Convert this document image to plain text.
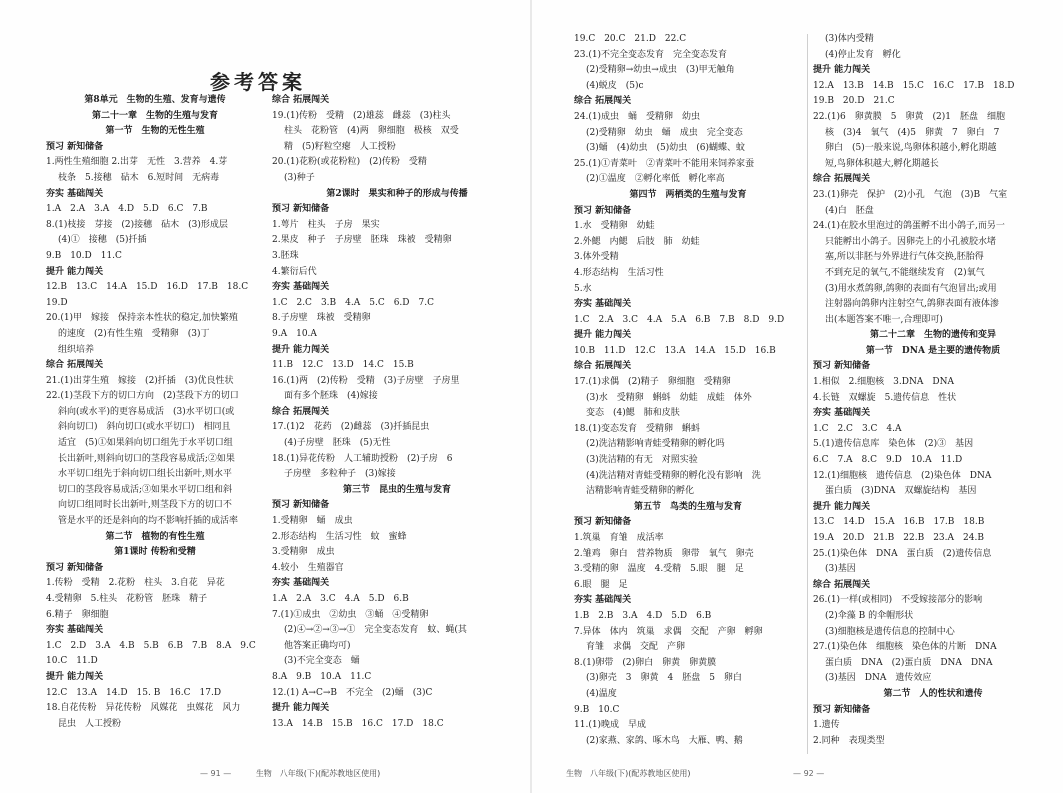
参考答案
第8单元　生物的生殖、发育与遗传
第二十一章　生物的生殖与发育
第一节　生物的无性生殖
预习 新知储备
1.两性生殖细胞 2.出芽　无性　3.营养　4.芽
枝条　5.接穗　砧木　6.短时间　无病毒
夯实 基础闯关
1.A　2.A　3.A　4.D　5.D　6.C　7.B
8.(1)枝接　芽接　(2)接穗　砧木　(3)形成层
(4)①　接穗　(5)扦插
9.B　10.D　11.C
提升 能力闯关
12.B　13.C　14.A　15.D　16.D　17.B　18.C
19.D
20.(1)甲　嫁接　保持亲本性状的稳定,加快繁殖
的速度　(2)有性生殖　受精卵　(3)丁
组织培养
综合 拓展闯关
21.(1)出芽生殖　嫁接　(2)扦插　(3)优良性状
22.(1)茎段下方的切口方向　(2)茎段下方的切口
斜向(或水平)的更容易成活　(3)水平切口(或
斜向切口)　斜向切口(或水平切口)　相同且
适宜　(5)①如果斜向切口组先于水平切口组
长出新叶,则斜向切口的茎段容易成活;②如果
水平切口组先于斜向切口组长出新叶,则水平
切口的茎段容易成活;③如果水平切口组和斜
向切口组同时长出新叶,则茎段下方的切口不
管是水平的还是斜向的均不影响扦插的成活率
第二节　植物的有性生殖
第1课时 传粉和受精
预习 新知储备
1.传粉　受精　2.花粉　柱头　3.自花　异花
4.受精卵　5.柱头　花粉管　胚珠　精子
6.精子　卵细胞
夯实 基础闯关
1.C　2.D　3.A　4.B　5.B　6.B　7.B　8.A　9.C
10.C　11.D
提升 能力闯关
12.C　13.A　14.D　15. B　16.C　17.D
18.自花传粉　异花传粉　风媒花　虫媒花　风力
昆虫　人工授粉
综合 拓展闯关
19.(1)传粉　受精　(2)雄蕊　雌蕊　(3)柱头
柱头　花粉管　(4)两　卵细胞　极核　双受
精　(5)籽粒空瘪　人工授粉
20.(1)花粉(或花粉粒)　(2)传粉　受精
(3)种子
第2课时　果实和种子的形成与传播
预习 新知储备
1.萼片　柱头　子房　果实
2.果皮　种子　子房壁　胚珠　珠被　受精卵
3.胚珠
4.繁衍后代
夯实 基础闯关
1.C　2.C　3.B　4.A　5.C　6.D　7.C
8.子房壁　珠被　受精卵
9.A　10.A
提升 能力闯关
11.B　12.C　13.D　14.C　15.B
16.(1)两　(2)传粉　受精　(3)子房壁　子房里
面有多个胚珠　(4)嫁接
综合 拓展闯关
17.(1)2　花药　(2)雌蕊　(3)扦插昆虫
(4)子房壁　胚珠　(5)无性
18.(1)异花传粉　人工辅助授粉　(2)子房　6
子房壁　多粒种子　(3)嫁接
第三节　昆虫的生殖与发育
预习 新知储备
1.受精卵　蛹　成虫
2.形态结构　生活习性　蚊　蜜蜂
3.受精卵　成虫
4.较小　生殖器官
夯实 基础闯关
1.A　2.A　3.C　4.A　5.D　6.B
7.(1)①成虫　②幼虫　③蛹　④受精卵
(2)④→②→③→①　完全变态发育　蚊、蝇(其
他答案正确均可)
(3)不完全变态　蛹
8.A　9.B　10.A　11.C
12.(1) A→C→B　不完全　(2)蛹　(3)C
提升 能力闯关
13.A　14.B　15.B　16.C　17.D　18.C
— 91 —	生物　八年级(下)(配苏教地区使用)
19.C　20.C　21.D　22.C
23.(1)不完全变态发育　完全变态发育
(2)受精卵→幼虫→成虫　(3)甲无触角
(4)蜕皮　(5)c
综合 拓展闯关
24.(1)成虫　蛹　受精卵　幼虫
(2)受精卵　幼虫　蛹　成虫　完全变态
(3)蛹　(4)幼虫　(5)幼虫　(6)蝴蝶、蚊
25.(1)①青菜叶　②青菜叶不能用来饲养家蚕
(2)①温度　②孵化率低　孵化率高
第四节　两栖类的生殖与发育
预习 新知储备
1.水　受精卵　幼蛙
2.外鳃　内鳃　后肢　肺　幼蛙
3.体外受精
4.形态结构　生活习性
5.水
夯实 基础闯关
1.C　2.A　3.C　4.A　5.A　6.B　7.B　8.D　9.D
提升 能力闯关
10.B　11.D　12.C　13.A　14.A　15.D　16.B
综合 拓展闯关
17.(1)求偶　(2)精子　卵细胞　受精卵
(3)水　受精卵　蝌蚪　幼蛙　成蛙　体外
变态　(4)鳃　肺和皮肤
18.(1)变态发育　受精卵　蝌蚪
(2)洗洁精影响青蛙受精卵的孵化吗
(3)洗洁精的有无　对照实验
(4)洗洁精对青蛙受精卵的孵化没有影响　洗
洁精影响青蛙受精卵的孵化
第五节　鸟类的生殖与发育
预习 新知储备
1.筑巢　育雏　成活率
2.雏鸡　卵白　营养物质　卵带　氧气　卵壳
3.受精的卵　温度　4.受精　5.眼　腿　足
6.眼　腿　足
夯实 基础闯关
1.B　2.B　3.A　4.D　5.D　6.B
7.异体　体内　筑巢　求偶　交配　产卵　孵卵
育雏　求偶　交配　产卵
8.(1)卵带　(2)卵白　卵黄　卵黄膜
(3)卵壳　3　卵黄　4　胚盘　5　卵白
(4)温度
9.B　10.C
11.(1)晚成　早成
(2)家燕、家鸽、啄木鸟　大雁、鸭、鹅
(3)体内受精
(4)停止发育　孵化
提升 能力闯关
12.A　13.B　14.B　15.C　16.C　17.B　18.D
19.B　20.D　21.C
22.(1)6　卵黄膜　5　卵黄　(2)1　胚盘　细胞
核　(3)4　氧气　(4)5　卵黄　7　卵白　7
卵白　(5)一般来说,鸟卵体积越小,孵化期越
短,鸟卵体积越大,孵化期越长
综合 拓展闯关
23.(1)卵壳　保护　(2)小孔　气泡　(3)B　气室
(4)白　胚盘
24.(1)在胶水里泡过的鸽蛋孵不出小鸽子,而另一
只能孵出小鸽子。因卵壳上的小孔被胶水堵
塞,所以非胚与外界进行气体交换,胚胎得
不到充足的氧气,不能继续发育　(2)氧气
(3)用水煮鸽卵,鸽卵的表面有气泡冒出;或用
注射器向鸽卵内注射空气,鸽卵表面有液体渗
出(本题答案不唯一,合理即可)
第二十二章　生物的遗传和变异
第一节　DNA 是主要的遗传物质
预习 新知储备
1.相似　2.细胞核　3.DNA　DNA
4.长链　双螺旋　5.遗传信息　性状
夯实 基础闯关
1.C　2.C　3.C　4.A
5.(1)遗传信息库　染色体　(2)③　基因
6.C　7.A　8.C　9.D　10.A　11.D
12.(1)细胞核　遗传信息　(2)染色体　DNA
蛋白质　(3)DNA　双螺旋结构　基因
提升 能力闯关
13.C　14.D　15.A　16.B　17.B　18.B
19.A　20.D　21.B　22.B　23.A　24.B
25.(1)染色体　DNA　蛋白质　(2)遗传信息
(3)基因
综合 拓展闯关
26.(1)一样(或相同)　不受嫁接部分的影响
(2)伞藻 B 的伞帽形状
(3)细胞核是遗传信息的控制中心
27.(1)染色体　细胞核　染色体的片断　DNA
蛋白质　DNA　(2)蛋白质　DNA　DNA
(3)基因　DNA　遗传效应
第二节　人的性状和遗传
预习 新知储备
1.遗传
2.同种　表现类型
生物　八年级(下)(配苏教地区使用)	— 92 —
